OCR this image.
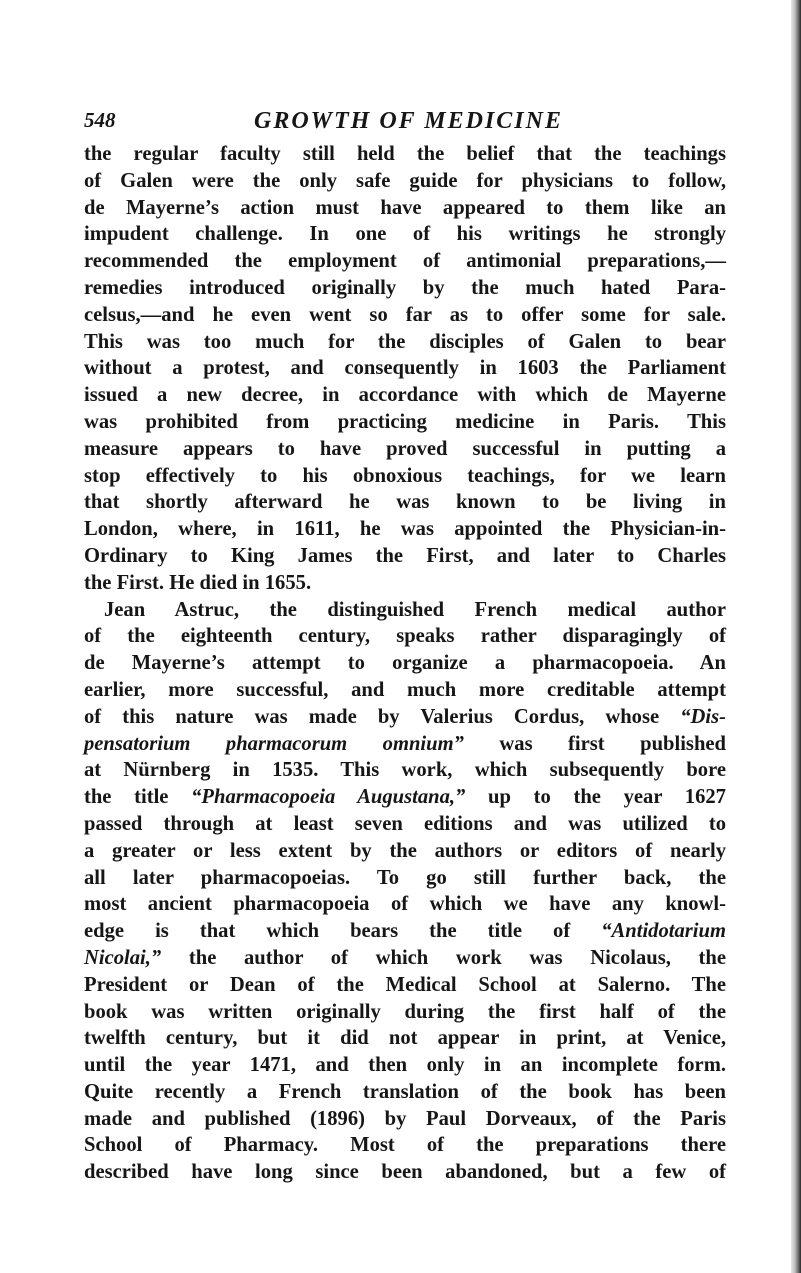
548	GROWTH OF MEDICINE
the regular faculty still held the belief that the teachings
of Galen were the only safe guide for physicians to follow,
de Mayerne’s action must have appeared to them like an
impudent challenge. In one of his writings he strongly
recommended the employment of antimonial preparations,—
remedies introduced originally by the much hated Para-
celsus,—and he even went so far as to offer some for sale.
This was too much for the disciples of Galen to bear
without a protest, and consequently in 1603 the Parliament
issued a new decree, in accordance with which de Mayerne
was prohibited from practicing medicine in Paris. This
measure appears to have proved successful in putting a
stop effectively to his obnoxious teachings, for we learn
that shortly afterward he was known to be living in
London, where, in 1611, he was appointed the Physician-in-
Ordinary to King James the First, and later to Charles
the First. He died in 1655.
Jean Astruc, the distinguished French medical author
of the eighteenth century, speaks rather disparagingly of
de Mayerne’s attempt to organize a pharmacopoeia. An
earlier, more successful, and much more creditable attempt
of this nature was made by Valerius Cordus, whose “Dis-
pensatorium pharmacorum omnium” was first published
at Nürnberg in 1535. This work, which subsequently bore
the title “Pharmacopoeia Augustana,” up to the year 1627
passed through at least seven editions and was utilized to
a greater or less extent by the authors or editors of nearly
all later pharmacopoeias. To go still further back, the
most ancient pharmacopoeia of which we have any knowl-
edge is that which bears the title of “Antidotarium
Nicolai,” the author of which work was Nicolaus, the
President or Dean of the Medical School at Salerno. The
book was written originally during the first half of the
twelfth century, but it did not appear in print, at Venice,
until the year 1471, and then only in an incomplete form.
Quite recently a French translation of the book has been
made and published (1896) by Paul Dorveaux, of the Paris
School of Pharmacy. Most of the preparations there
described have long since been abandoned, but a few of
